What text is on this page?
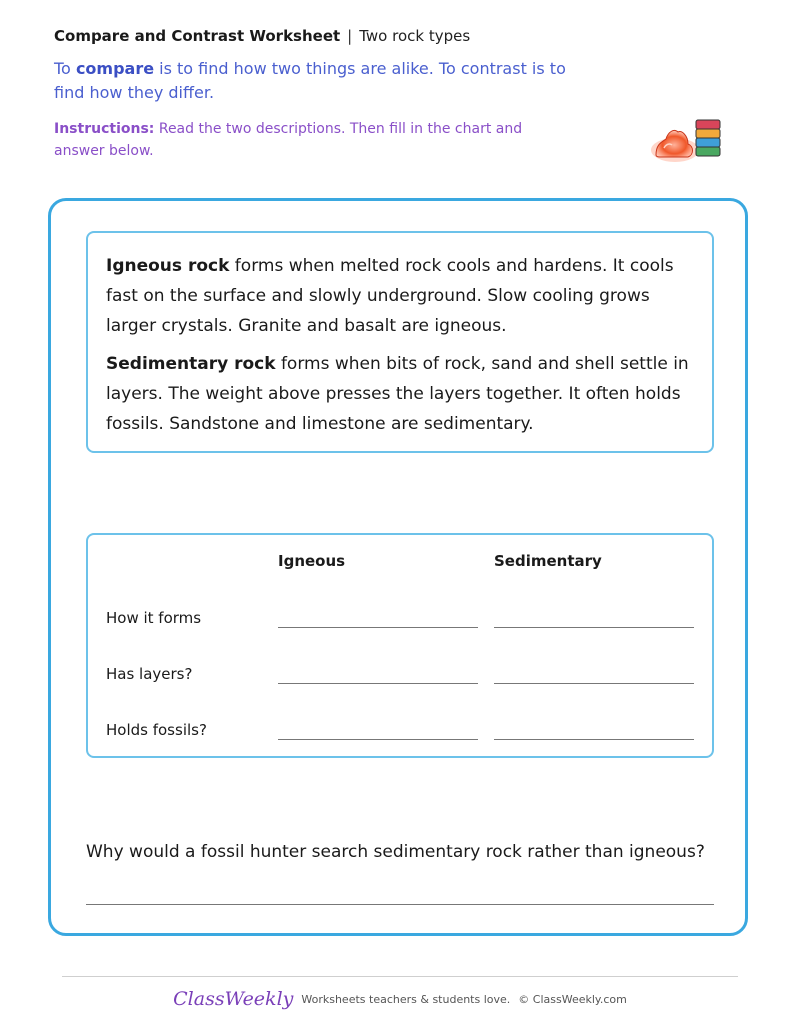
Compare and Contrast Worksheet | Two rock types
To compare is to find how two things are alike. To contrast is to find how they differ.
Instructions: Read the two descriptions. Then fill in the chart and answer below.

Igneous rock forms when melted rock cools and hardens. It cools fast on the surface and slowly underground. Slow cooling grows larger crystals. Granite and basalt are igneous.

Sedimentary rock forms when bits of rock, sand and shell settle in layers. The weight above presses the layers together. It often holds fossils. Sandstone and limestone are sedimentary.

Igneous	Sedimentary
How it forms
Has layers?
Holds fossils?
Why would a fossil hunter search sedimentary rock rather than igneous?
ClassWeekly Worksheets teachers & students love. © ClassWeekly.com
